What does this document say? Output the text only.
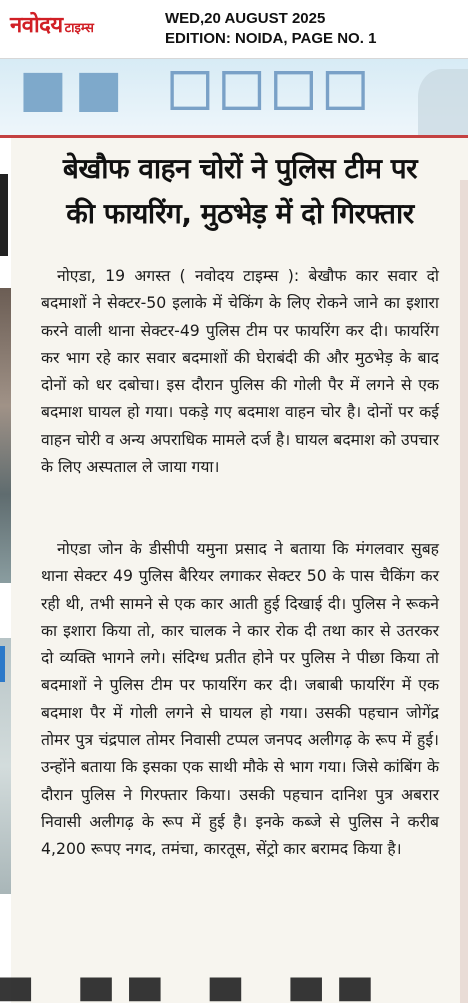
नवोदय टाइम्स
WED,20 AUGUST 2025
EDITION: NOIDA, PAGE NO. 1
◼◼ ◻◻◻◻
बेखौफ वाहन चोरों ने पुलिस टीम पर
की फायरिंग, मुठभेड़ में दो गिरफ्तार

नोएडा, 19 अगस्त ( नवोदय टाइम्स ): बेखौफ कार सवार दो बदमाशों ने सेक्टर-50 इलाके में चेकिंग के लिए रोकने जाने का इशारा करने वाली थाना सेक्टर-49 पुलिस टीम पर फायरिंग कर दी। फायरिंग कर भाग रहे कार सवार बदमाशों की घेराबंदी की और मुठभेड़ के बाद दोनों को धर दबोचा। इस दौरान पुलिस की गोली पैर में लगने से एक बदमाश घायल हो गया। पकड़े गए बदमाश वाहन चोर है। दोनों पर कई वाहन चोरी व अन्य अपराधिक मामले दर्ज है। घायल बदमाश को उपचार के लिए अस्पताल ले जाया गया।

नोएडा जोन के डीसीपी यमुना प्रसाद ने बताया कि मंगलवार सुबह थाना सेक्टर 49 पुलिस बैरियर लगाकर सेक्टर 50 के पास चैकिंग कर रही थी, तभी सामने से एक कार आती हुई दिखाई दी। पुलिस ने रूकने का इशारा किया तो, कार चालक ने कार रोक दी तथा कार से उतरकर दो व्यक्ति भागने लगे। संदिग्ध प्रतीत होने पर पुलिस ने पीछा किया तो बदमाशों ने पुलिस टीम पर फायरिंग कर दी। जबाबी फायरिंग में एक बदमाश पैर में गोली लगने से घायल हो गया। उसकी पहचान जोगेंद्र तोमर पुत्र चंद्रपाल तोमर निवासी टप्पल जनपद अलीगढ़ के रूप में हुई। उन्होंने बताया कि इसका एक साथी मौके से भाग गया। जिसे कांबिंग के दौरान पुलिस ने गिरफ्तार किया। उसकी पहचान दानिश पुत्र अबरार निवासी अलीगढ़ के रूप में हुई है। इनके कब्जे से पुलिस ने करीब 4,200 रूपए नगद, तमंचा, कारतूस, सेंट्रो कार बरामद किया है।

▀ ▀▀ ▀ ▀▀
